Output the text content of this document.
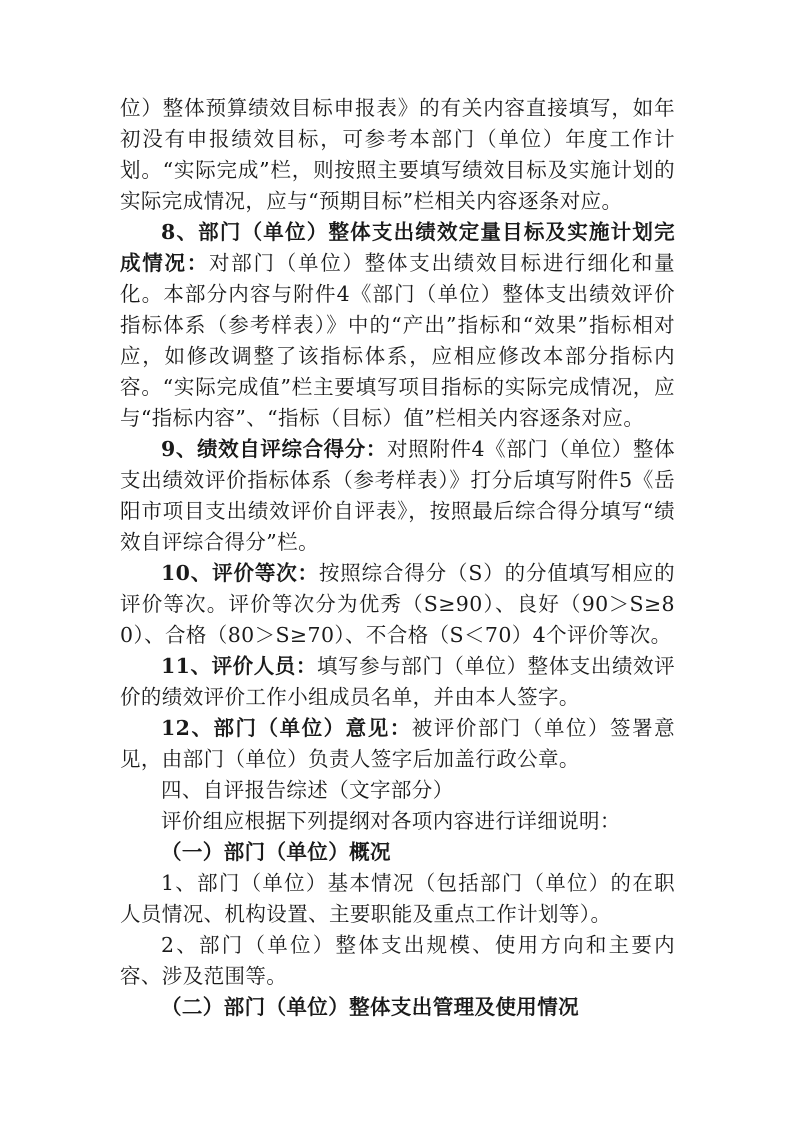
位）整体预算绩效目标申报表》的有关内容直接填写，如年初没有申报绩效目标，可参考本部门（单位）年度工作计划。“实际完成”栏，则按照主要填写绩效目标及实施计划的实际完成情况，应与“预期目标”栏相关内容逐条对应。

8、部门（单位）整体支出绩效定量目标及实施计划完成情况：对部门（单位）整体支出绩效目标进行细化和量化。本部分内容与附件4《部门（单位）整体支出绩效评价指标体系（参考样表）》中的“产出”指标和“效果”指标相对应，如修改调整了该指标体系，应相应修改本部分指标内容。“实际完成值”栏主要填写项目指标的实际完成情况，应与“指标内容”、“指标（目标）值”栏相关内容逐条对应。

9、绩效自评综合得分：对照附件4《部门（单位）整体支出绩效评价指标体系（参考样表）》打分后填写附件5《岳阳市项目支出绩效评价自评表》，按照最后综合得分填写“绩效自评综合得分”栏。

10、评价等次：按照综合得分（S）的分值填写相应的评价等次。评价等次分为优秀（S≥90）、良好（90＞S≥80）、合格（80＞S≥70）、不合格（S＜70）4个评价等次。

11、评价人员：填写参与部门（单位）整体支出绩效评价的绩效评价工作小组成员名单，并由本人签字。

12、部门（单位）意见：被评价部门（单位）签署意见，由部门（单位）负责人签字后加盖行政公章。

四、自评报告综述（文字部分）

评价组应根据下列提纲对各项内容进行详细说明：

（一）部门（单位）概况

1、部门（单位）基本情况（包括部门（单位）的在职人员情况、机构设置、主要职能及重点工作计划等）。

2、部门（单位）整体支出规模、使用方向和主要内容、涉及范围等。

（二）部门（单位）整体支出管理及使用情况
